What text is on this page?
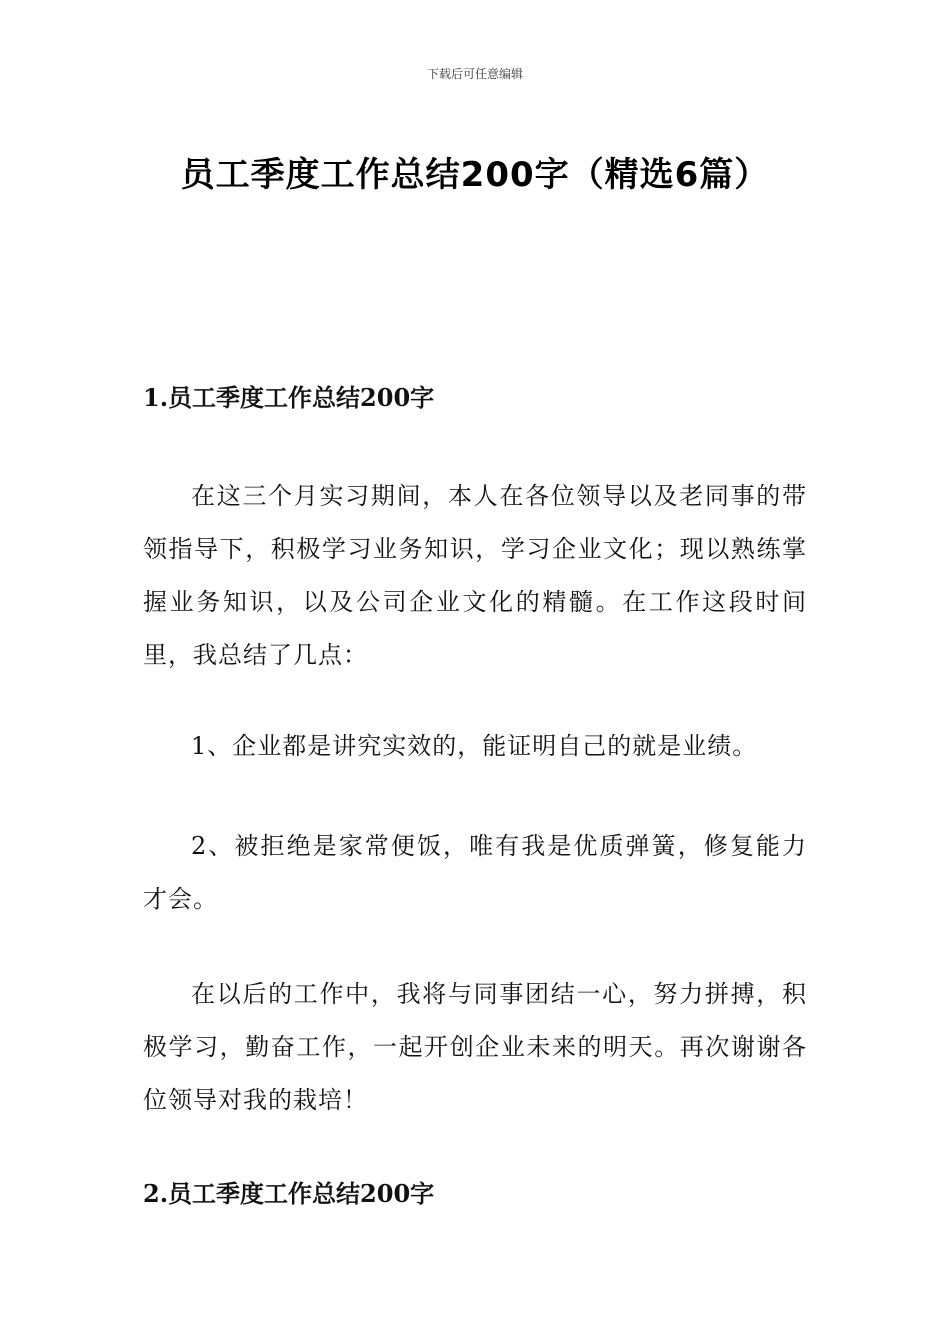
下载后可任意编辑
员工季度工作总结200字（精选6篇）
1.员工季度工作总结200字

在这三个月实习期间，本人在各位领导以及老同事的带领指导下，积极学习业务知识，学习企业文化；现以熟练掌握业务知识，以及公司企业文化的精髓。在工作这段时间里，我总结了几点：

1、企业都是讲究实效的，能证明自己的就是业绩。

2、被拒绝是家常便饭，唯有我是优质弹簧，修复能力才会。

在以后的工作中，我将与同事团结一心，努力拼搏，积极学习，勤奋工作，一起开创企业未来的明天。再次谢谢各位领导对我的栽培！

2.员工季度工作总结200字
